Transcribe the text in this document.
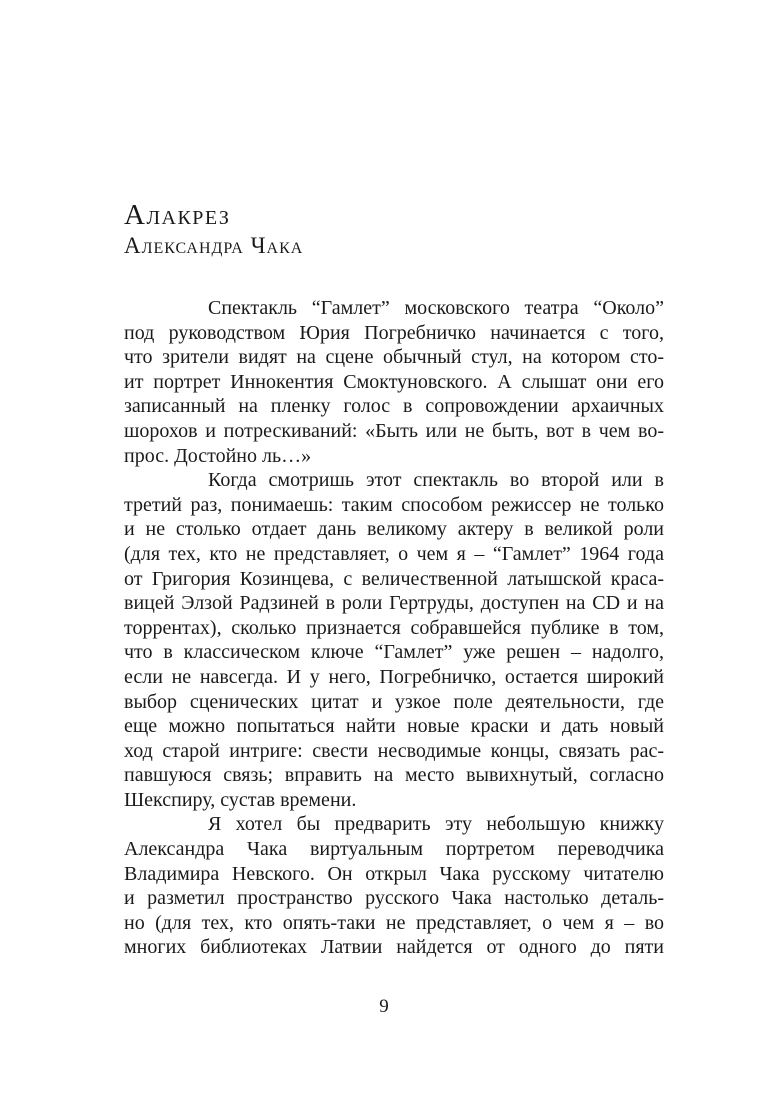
Алакрез
Александра Чака
Спектакль “Гамлет” московского театра “Около”
под руководством Юрия Погребничко начинается с того,
что зрители видят на сцене обычный стул, на котором сто-
ит портрет Иннокентия Смоктуновского. А слышат они его
записанный на пленку голос в сопровождении архаичных
шорохов и потрескиваний: «Быть или не быть, вот в чем во-
прос. Достойно ль…»
Когда смотришь этот спектакль во второй или в
третий раз, понимаешь: таким способом режиссер не только
и не столько отдает дань великому актеру в великой роли
(для тех, кто не представляет, о чем я – “Гамлет” 1964 года
от Григория Козинцева, с величественной латышской краса-
вицей Элзой Радзиней в роли Гертруды, доступен на CD и на
торрентах), сколько признается собравшейся публике в том,
что в классическом ключе “Гамлет” уже решен – надолго,
если не навсегда. И у него, Погребничко, остается широкий
выбор сценических цитат и узкое поле деятельности, где
еще можно попытаться найти новые краски и дать новый
ход старой интриге: свести несводимые концы, связать рас-
павшуюся связь; вправить на место вывихнутый, согласно
Шекспиру, сустав времени.
Я хотел бы предварить эту небольшую книжку
Александра Чака виртуальным портретом переводчика
Владимира Невского. Он открыл Чака русскому читателю
и разметил пространство русского Чака настолько деталь-
но (для тех, кто опять-таки не представляет, о чем я – во
многих библиотеках Латвии найдется от одного до пяти
9
